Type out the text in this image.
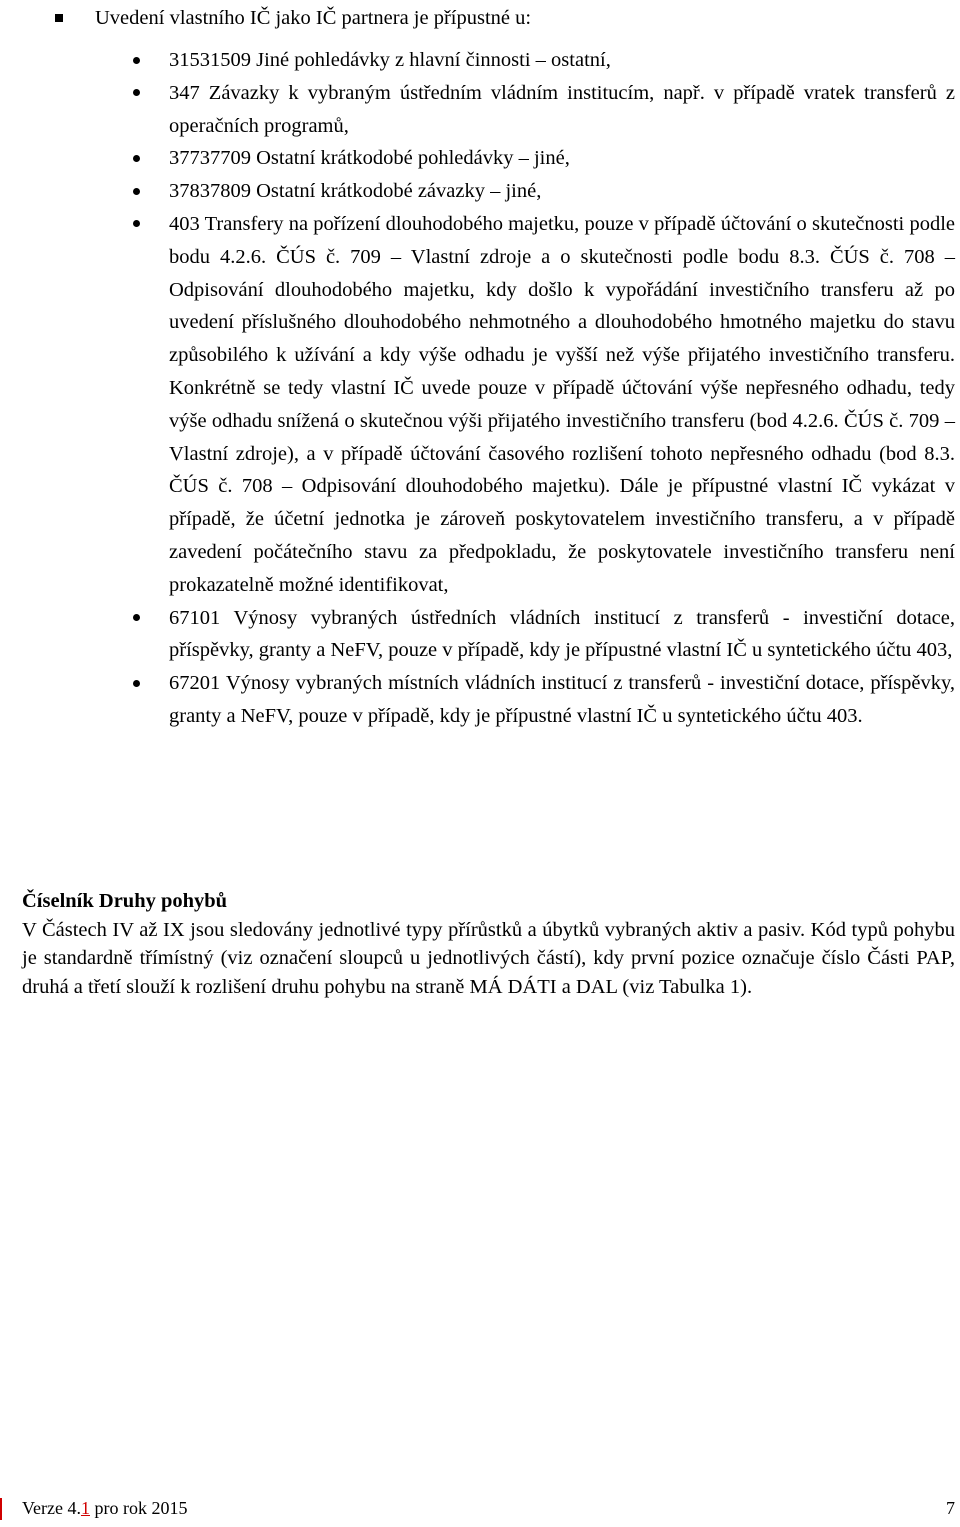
Uvedení vlastního IČ jako IČ partnera je přípustné u:
31531509 Jiné pohledávky z hlavní činnosti – ostatní,
347 Závazky k vybraným ústředním vládním institucím, např. v případě vratek transferů z operačních programů,
37737709 Ostatní krátkodobé pohledávky – jiné,
37837809 Ostatní krátkodobé závazky – jiné,
403 Transfery na pořízení dlouhodobého majetku, pouze v případě účtování o skutečnosti podle bodu 4.2.6. ČÚS č. 709 – Vlastní zdroje a o skutečnosti podle bodu 8.3. ČÚS č. 708 – Odpisování dlouhodobého majetku, kdy došlo k vypořádání investičního transferu až po uvedení příslušného dlouhodobého nehmotného a dlouhodobého hmotného majetku do stavu způsobilého k užívání a kdy výše odhadu je vyšší než výše přijatého investičního transferu. Konkrétně se tedy vlastní IČ uvede pouze v případě účtování výše nepřesného odhadu, tedy výše odhadu snížená o skutečnou výši přijatého investičního transferu (bod 4.2.6. ČÚS č. 709 – Vlastní zdroje), a v případě účtování časového rozlišení tohoto nepřesného odhadu (bod 8.3. ČÚS č. 708 – Odpisování dlouhodobého majetku). Dále je přípustné vlastní IČ vykázat v případě, že účetní jednotka je zároveň poskytovatelem investičního transferu, a v případě zavedení počátečního stavu za předpokladu, že poskytovatele investičního transferu není prokazatelně možné identifikovat,
67101 Výnosy vybraných ústředních vládních institucí z transferů - investiční dotace, příspěvky, granty a NeFV, pouze v případě, kdy je přípustné vlastní IČ u syntetického účtu 403,
67201 Výnosy vybraných místních vládních institucí z transferů - investiční dotace, příspěvky, granty a NeFV, pouze v případě, kdy je přípustné vlastní IČ u syntetického účtu 403.
Číselník Druhy pohybů
V Částech IV až IX jsou sledovány jednotlivé typy přírůstků a úbytků vybraných aktiv a pasiv. Kód typů pohybu je standardně třímístný (viz označení sloupců u jednotlivých částí), kdy první pozice označuje číslo Části PAP, druhá a třetí slouží k rozlišení druhu pohybu na straně MÁ DÁTI a DAL (viz Tabulka 1).
Verze 4.1 pro rok 2015	7
